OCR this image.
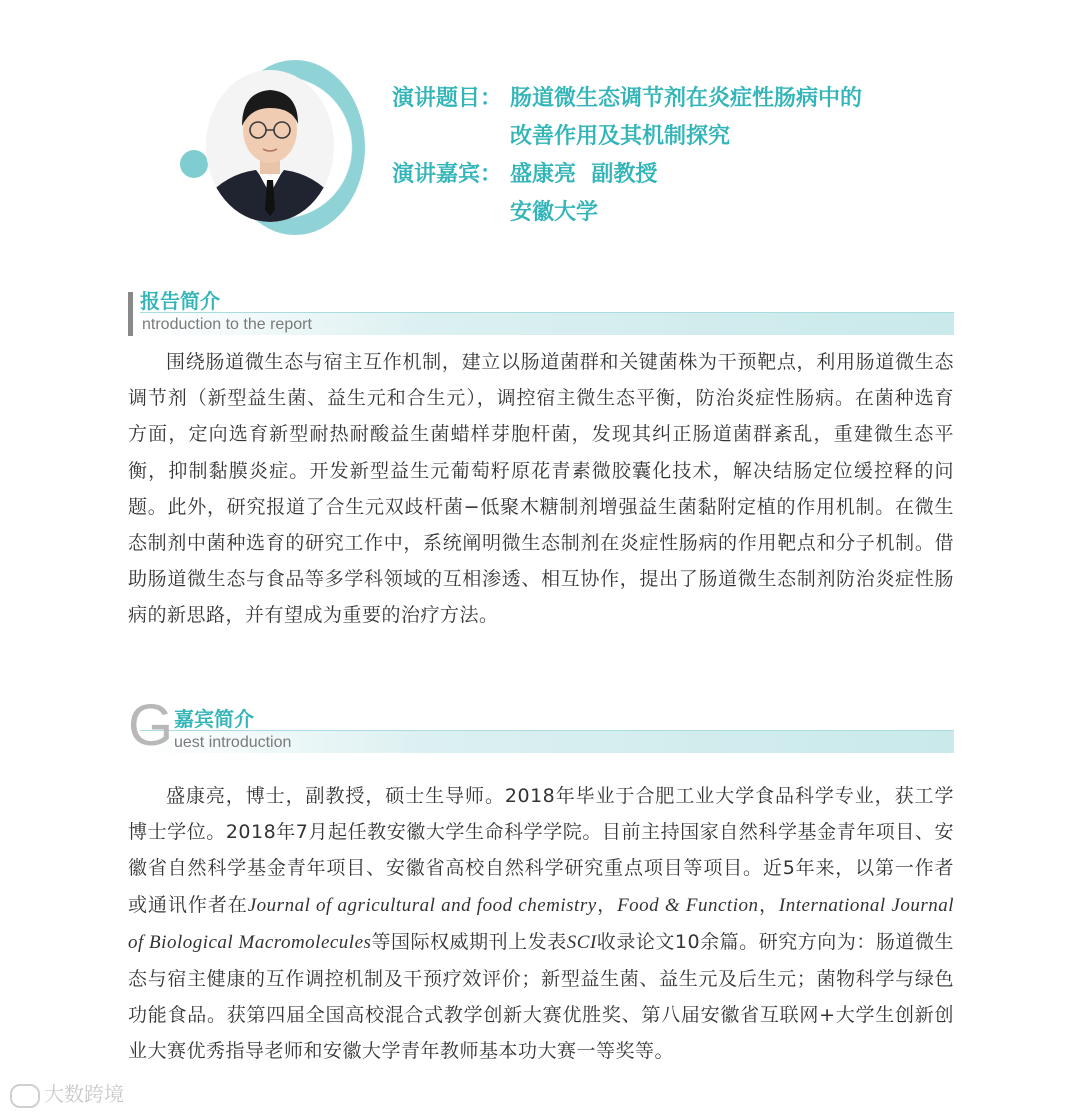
演讲题目： 肠道微生态调节剂在炎症性肠病中的
改善作用及其机制探究
演讲嘉宾： 盛康亮  副教授
安徽大学
报告简介
ntroduction to the report

围绕肠道微生态与宿主互作机制，建立以肠道菌群和关键菌株为干预靶点，利用肠道微生态调节剂（新型益生菌、益生元和合生元），调控宿主微生态平衡，防治炎症性肠病。在菌种选育方面，定向选育新型耐热耐酸益生菌蜡样芽胞杆菌，发现其纠正肠道菌群紊乱，重建微生态平衡，抑制黏膜炎症。开发新型益生元葡萄籽原花青素微胶囊化技术，解决结肠定位缓控释的问题。此外，研究报道了合生元双歧杆菌−低聚木糖制剂增强益生菌黏附定植的作用机制。在微生态制剂中菌种选育的研究工作中，系统阐明微生态制剂在炎症性肠病的作用靶点和分子机制。借助肠道微生态与食品等多学科领域的互相渗透、相互协作，提出了肠道微生态制剂防治炎症性肠病的新思路，并有望成为重要的治疗方法。

G 嘉宾简介
uest introduction

盛康亮，博士，副教授，硕士生导师。2018年毕业于合肥工业大学食品科学专业，获工学博士学位。2018年7月起任教安徽大学生命科学学院。目前主持国家自然科学基金青年项目、安徽省自然科学基金青年项目、安徽省高校自然科学研究重点项目等项目。近5年来，以第一作者或通讯作者在Journal of agricultural and food chemistry，Food & Function，International Journal of Biological Macromolecules等国际权威期刊上发表SCI收录论文10余篇。研究方向为：肠道微生态与宿主健康的互作调控机制及干预疗效评价；新型益生菌、益生元及后生元；菌物科学与绿色功能食品。获第四届全国高校混合式教学创新大赛优胜奖、第八届安徽省互联网+大学生创新创业大赛优秀指导老师和安徽大学青年教师基本功大赛一等奖等。

大数跨境
